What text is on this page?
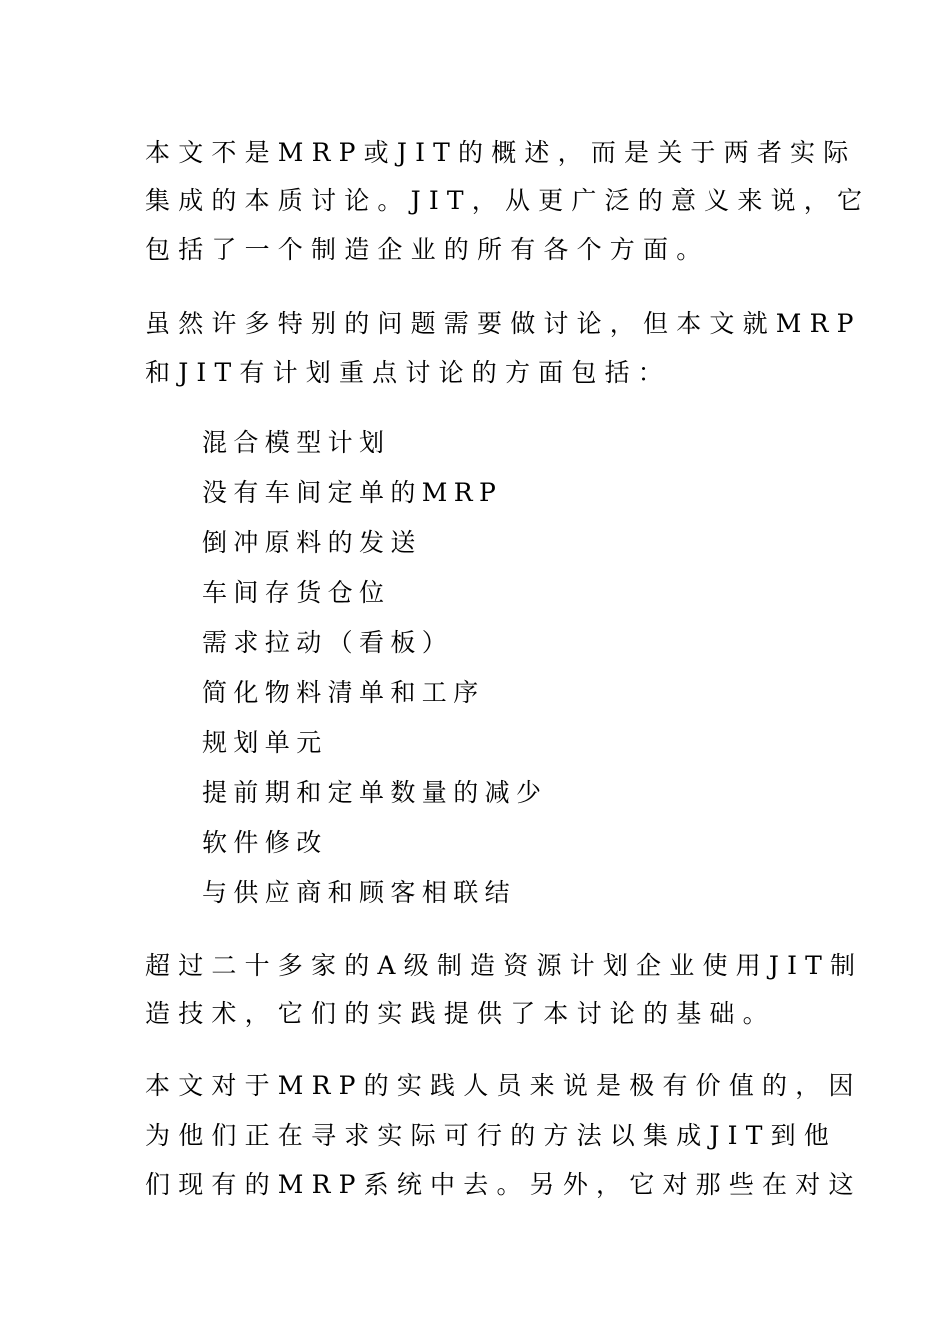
本文不是MRP或JIT的概述，而是关于两者实际
集成的本质讨论。JIT，从更广泛的意义来说，它
包括了一个制造企业的所有各个方面。
虽然许多特别的问题需要做讨论，但本文就MRP
和JIT有计划重点讨论的方面包括：
混合模型计划
没有车间定单的MRP
倒冲原料的发送
车间存货仓位
需求拉动（看板）
简化物料清单和工序
规划单元
提前期和定单数量的减少
软件修改
与供应商和顾客相联结
超过二十多家的A级制造资源计划企业使用JIT制
造技术，它们的实践提供了本讨论的基础。
本文对于MRP的实践人员来说是极有价值的，因
为他们正在寻求实际可行的方法以集成JIT到他
们现有的MRP系统中去。另外，它对那些在对这
